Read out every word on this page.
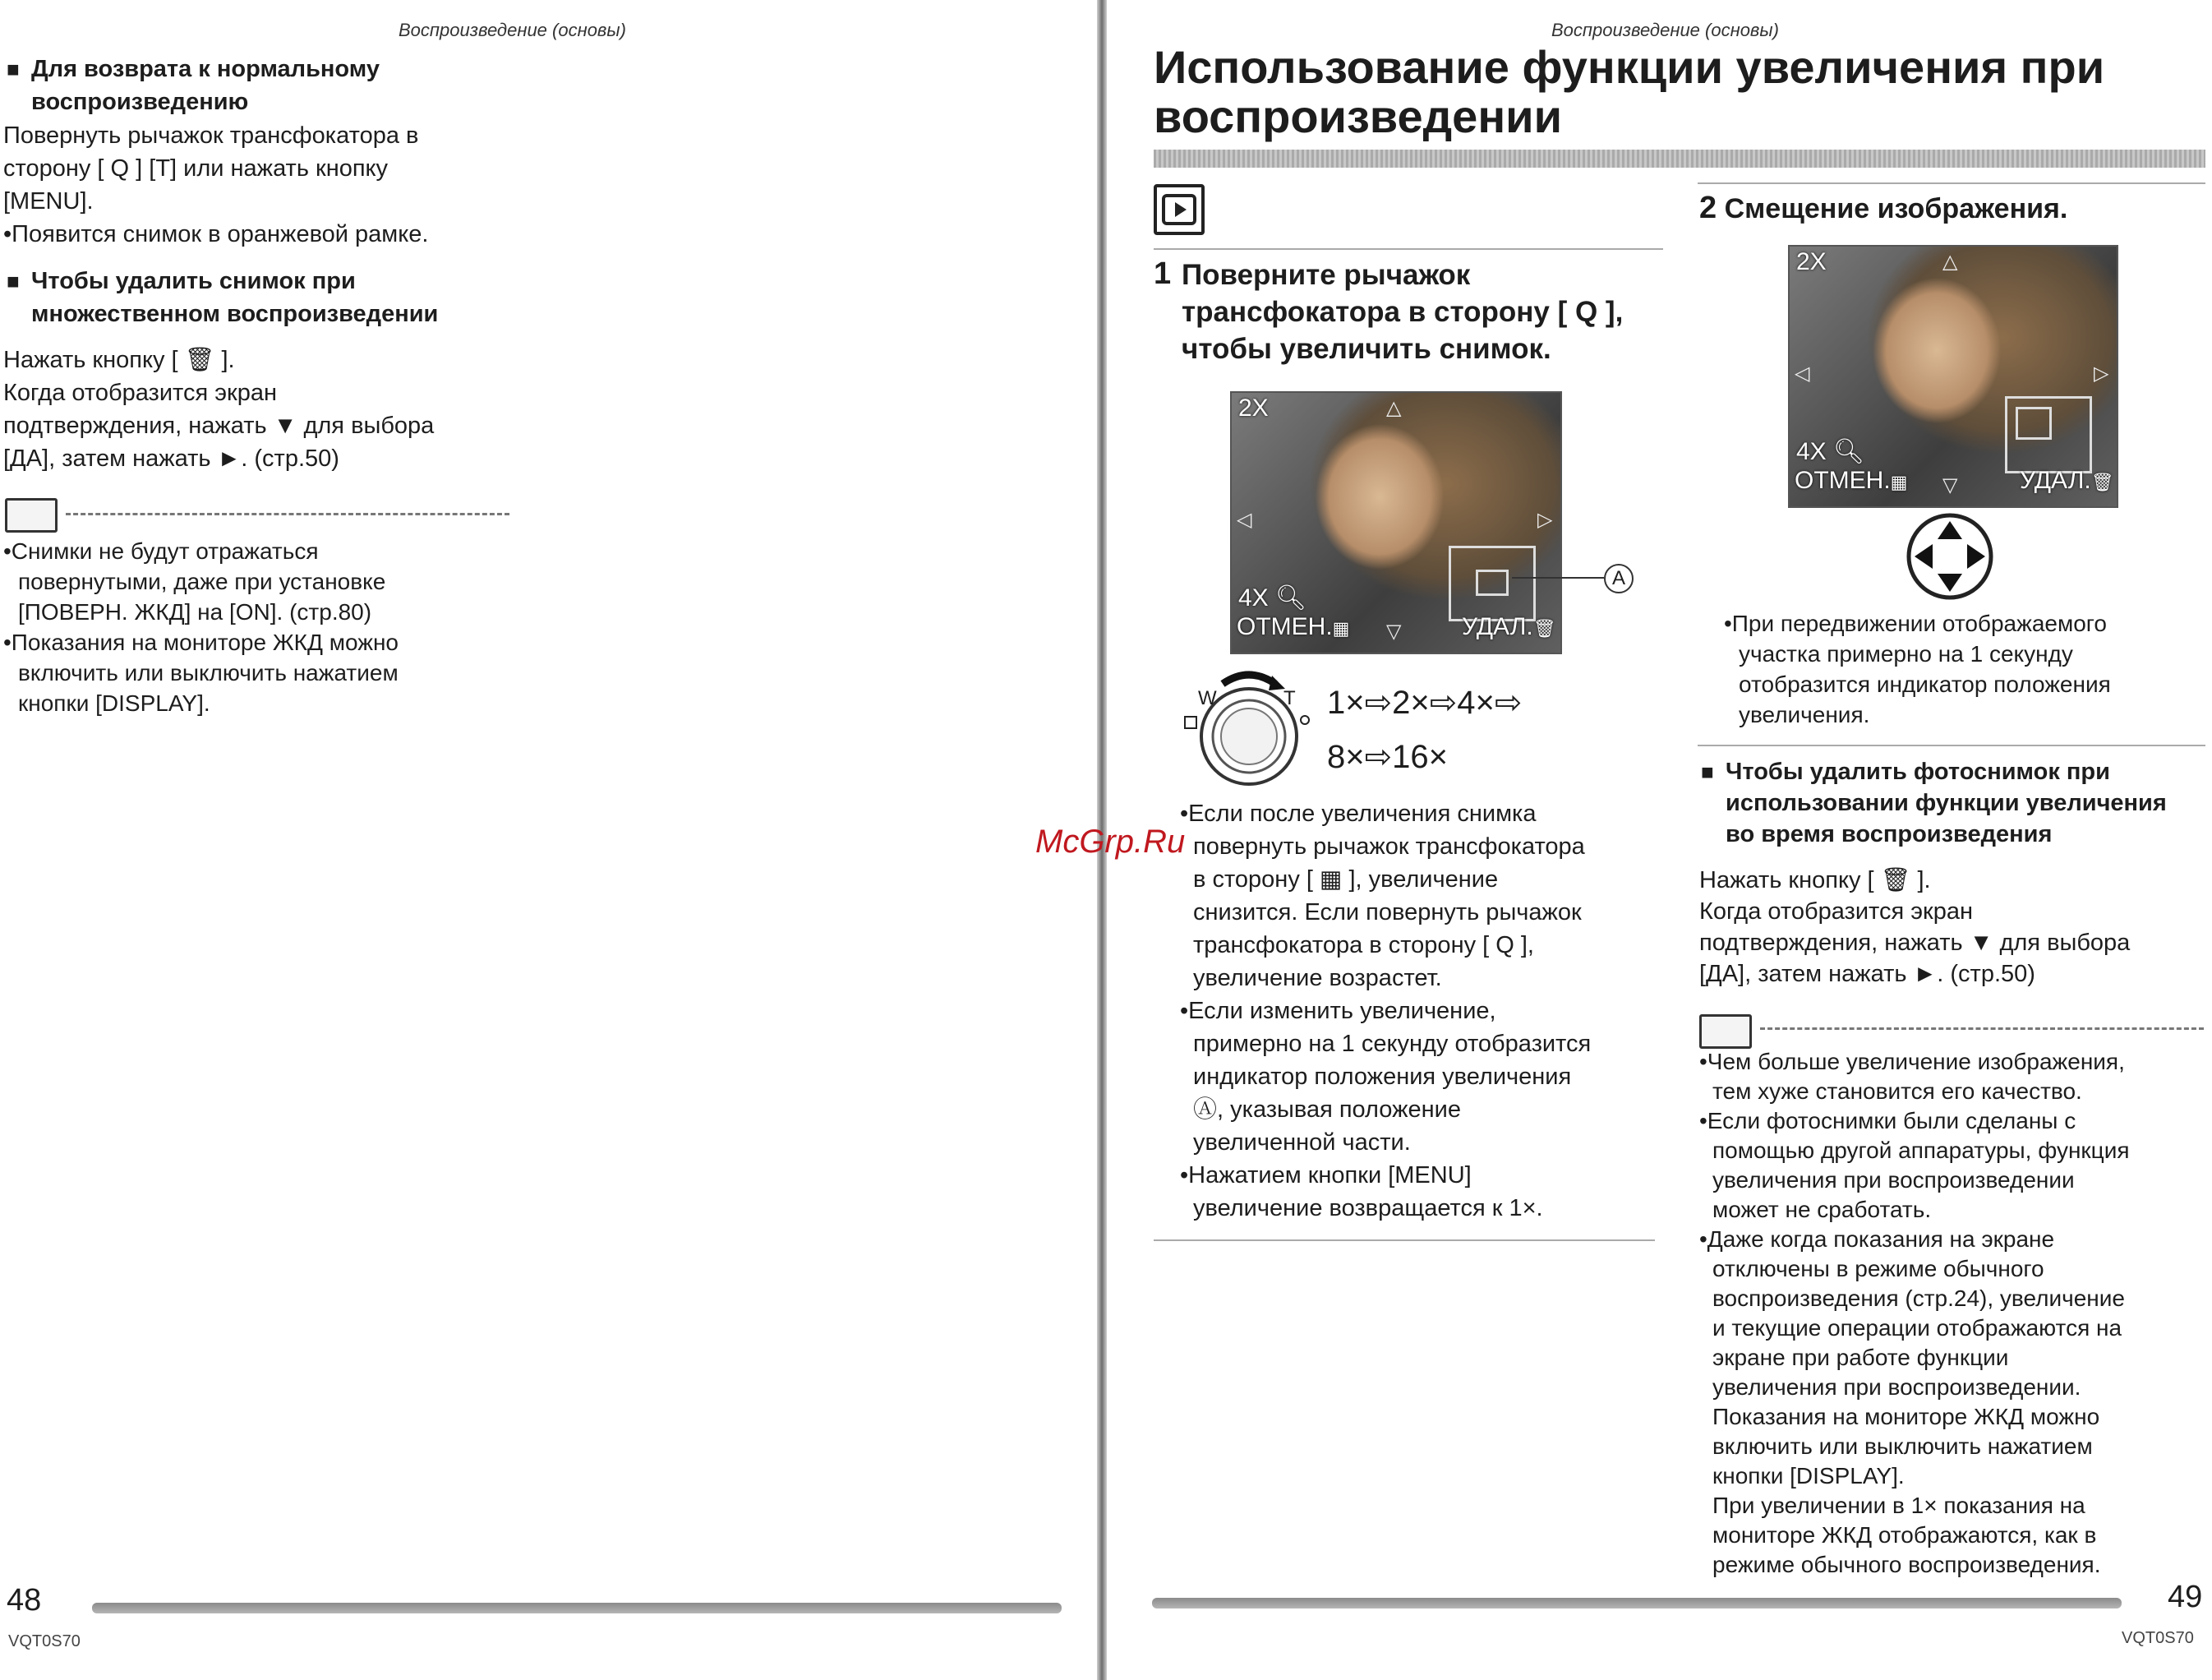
Воспроизведение (основы)
■ Для возврата к нормальному
воспроизведению
Повернуть рычажок трансфокатора в
сторону [ Q ] [T] или нажать кнопку
[MENU].
•Появится снимок в оранжевой рамке.
■ Чтобы удалить снимок при
множественном воспроизведении
Нажать кнопку [ 🗑 ].
Когда отобразится экран
подтверждения, нажать ▼ для выбора
[ДА], затем нажать ►. (стр.50)
•Снимки не будут отражаться
повернутыми, даже при установке
[ПОВЕРН. ЖКД] на [ON]. (стр.80)
•Показания на мониторе ЖКД можно
включить или выключить нажатием
кнопки [DISPLAY].
48
VQT0S70
Воспроизведение (основы)
Использование функции увеличения при
воспроизведении
1 Поверните рычажок
трансфокатора в сторону [ Q ],
чтобы увеличить снимок.
2X	△
◁	▷
4X 🔍︎
ОТМЕН.▦ ▽ УДАЛ.🗑
A
W	T 1×⇨2×⇨4×⇨
8×⇨16×
•Если после увеличения снимка
повернуть рычажок трансфокатора
в сторону [ ▦ ], увеличение
снизится. Если повернуть рычажок
трансфокатора в сторону [ Q ],
увеличение возрастет.
•Если изменить увеличение,
примерно на 1 секунду отобразится
индикатор положения увеличения
Ⓐ, указывая положение
увеличенной части.
•Нажатием кнопки [MENU]
увеличение возвращается к 1×.
McGrp.Ru
2 Смещение изображения.
2X	△
◁	▷
4X 🔍︎
ОТМЕН.▦ ▽	УДАЛ.🗑
•При передвижении отображаемого
участка примерно на 1 секунду
отобразится индикатор положения
увеличения.
■ Чтобы удалить фотоснимок при
использовании функции увеличения
во время воспроизведения
Нажать кнопку [ 🗑 ].
Когда отобразится экран
подтверждения, нажать ▼ для выбора
[ДА], затем нажать ►. (стр.50)
•Чем больше увеличение изображения,
тем хуже становится его качество.
•Если фотоснимки были сделаны с
помощью другой аппаратуры, функция
увеличения при воспроизведении
может не сработать.
•Даже когда показания на экране
отключены в режиме обычного
воспроизведения (стр.24), увеличение
и текущие операции отображаются на
экране при работе функции
увеличения при воспроизведении.
Показания на мониторе ЖКД можно
включить или выключить нажатием
кнопки [DISPLAY].
При увеличении в 1× показания на
мониторе ЖКД отображаются, как в
режиме обычного воспроизведения.
49
VQT0S70
